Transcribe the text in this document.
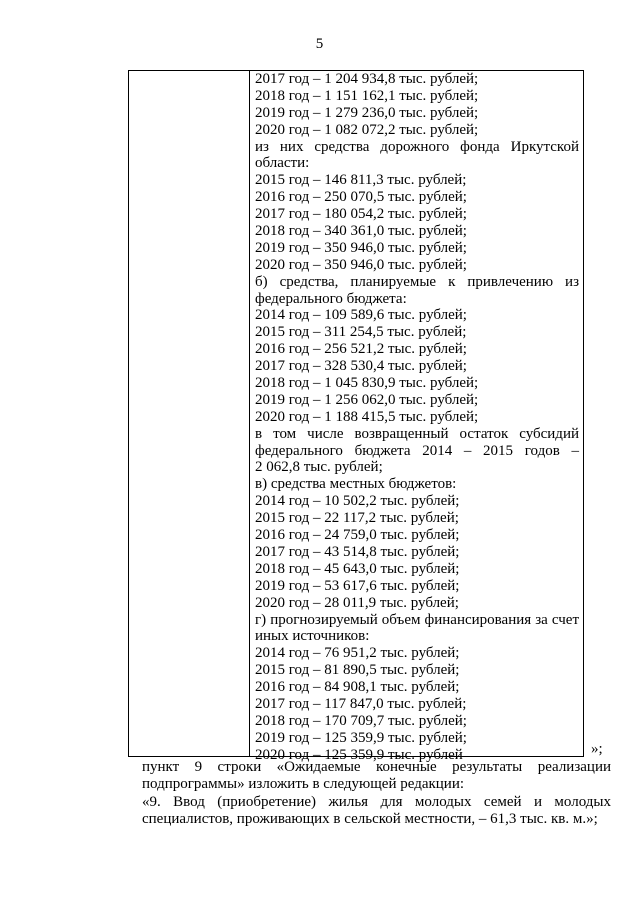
5
2017 год – 1 204 934,8 тыс. рублей;
2018 год – 1 151 162,1 тыс. рублей;
2019 год – 1 279 236,0 тыс. рублей;
2020 год – 1 082 072,2 тыс. рублей;
из них средства дорожного фонда Иркутской
области:
2015 год – 146 811,3 тыс. рублей;
2016 год – 250 070,5 тыс. рублей;
2017 год – 180 054,2 тыс. рублей;
2018 год – 340 361,0 тыс. рублей;
2019 год – 350 946,0 тыс. рублей;
2020 год – 350 946,0 тыс. рублей;
б) средства, планируемые к привлечению из
федерального бюджета:
2014 год – 109 589,6 тыс. рублей;
2015 год – 311 254,5 тыс. рублей;
2016 год – 256 521,2 тыс. рублей;
2017 год – 328 530,4 тыс. рублей;
2018 год – 1 045 830,9 тыс. рублей;
2019 год – 1 256 062,0 тыс. рублей;
2020 год – 1 188 415,5 тыс. рублей;
в том числе возвращенный остаток субсидий
федерального бюджета 2014 – 2015 годов –
2 062,8 тыс. рублей;
в) средства местных бюджетов:
2014 год – 10 502,2 тыс. рублей;
2015 год – 22 117,2 тыс. рублей;
2016 год – 24 759,0 тыс. рублей;
2017 год – 43 514,8 тыс. рублей;
2018 год – 45 643,0 тыс. рублей;
2019 год – 53 617,6 тыс. рублей;
2020 год – 28 011,9 тыс. рублей;
г) прогнозируемый объем финансирования за счет
иных источников:
2014 год – 76 951,2 тыс. рублей;
2015 год – 81 890,5 тыс. рублей;
2016 год – 84 908,1 тыс. рублей;
2017 год – 117 847,0 тыс. рублей;
2018 год – 170 709,7 тыс. рублей;
2019 год – 125 359,9 тыс. рублей;
2020 год – 125 359,9 тыс. рублей	»;
пункт 9 строки «Ожидаемые конечные результаты реализации
подпрограммы» изложить в следующей редакции:
«9. Ввод (приобретение) жилья для молодых семей и молодых
специалистов, проживающих в сельской местности, – 61,3 тыс. кв. м.»;
